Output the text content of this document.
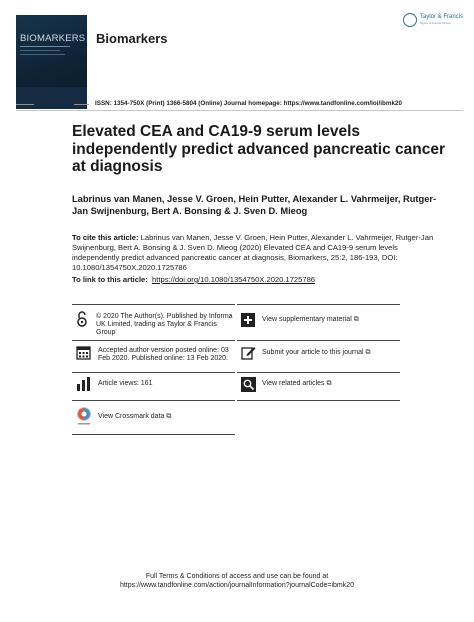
BIOMARKERS Biomarkers
Taylor & Francis
Taylor & Francis Group
▬▬▬▬▬▬	▬▬▬▬▬ ISSN: 1354-750X (Print) 1366-5804 (Online) Journal homepage: https://www.tandfonline.com/loi/ibmk20
Elevated CEA and CA19-9 serum levels independently predict advanced pancreatic cancer at diagnosis
Labrinus van Manen, Jesse V. Groen, Hein Putter, Alexander L. Vahrmeijer, Rutger-Jan Swijnenburg, Bert A. Bonsing & J. Sven D. Mieog
To cite this article: Labrinus van Manen, Jesse V. Groen, Hein Putter, Alexander L. Vahrmeijer, Rutger-Jan Swijnenburg, Bert A. Bonsing & J. Sven D. Mieog (2020) Elevated CEA and CA19-9 serum levels independently predict advanced pancreatic cancer at diagnosis, Biomarkers, 25:2, 186-193, DOI: 10.1080/1354750X.2020.1725786
To link to this article: https://doi.org/10.1080/1354750X.2020.1725786
© 2020 The Author(s). Published by Informa UK Limited, trading as Taylor & Francis Group
Accepted author version posted online: 03 Feb 2020. Published online: 13 Feb 2020.
Article views: 161
View Crossmark data ⧉
View supplementary material ⧉
Submit your article to this journal ⧉
View related articles ⧉
Full Terms & Conditions of access and use can be found at
https://www.tandfonline.com/action/journalInformation?journalCode=ibmk20
